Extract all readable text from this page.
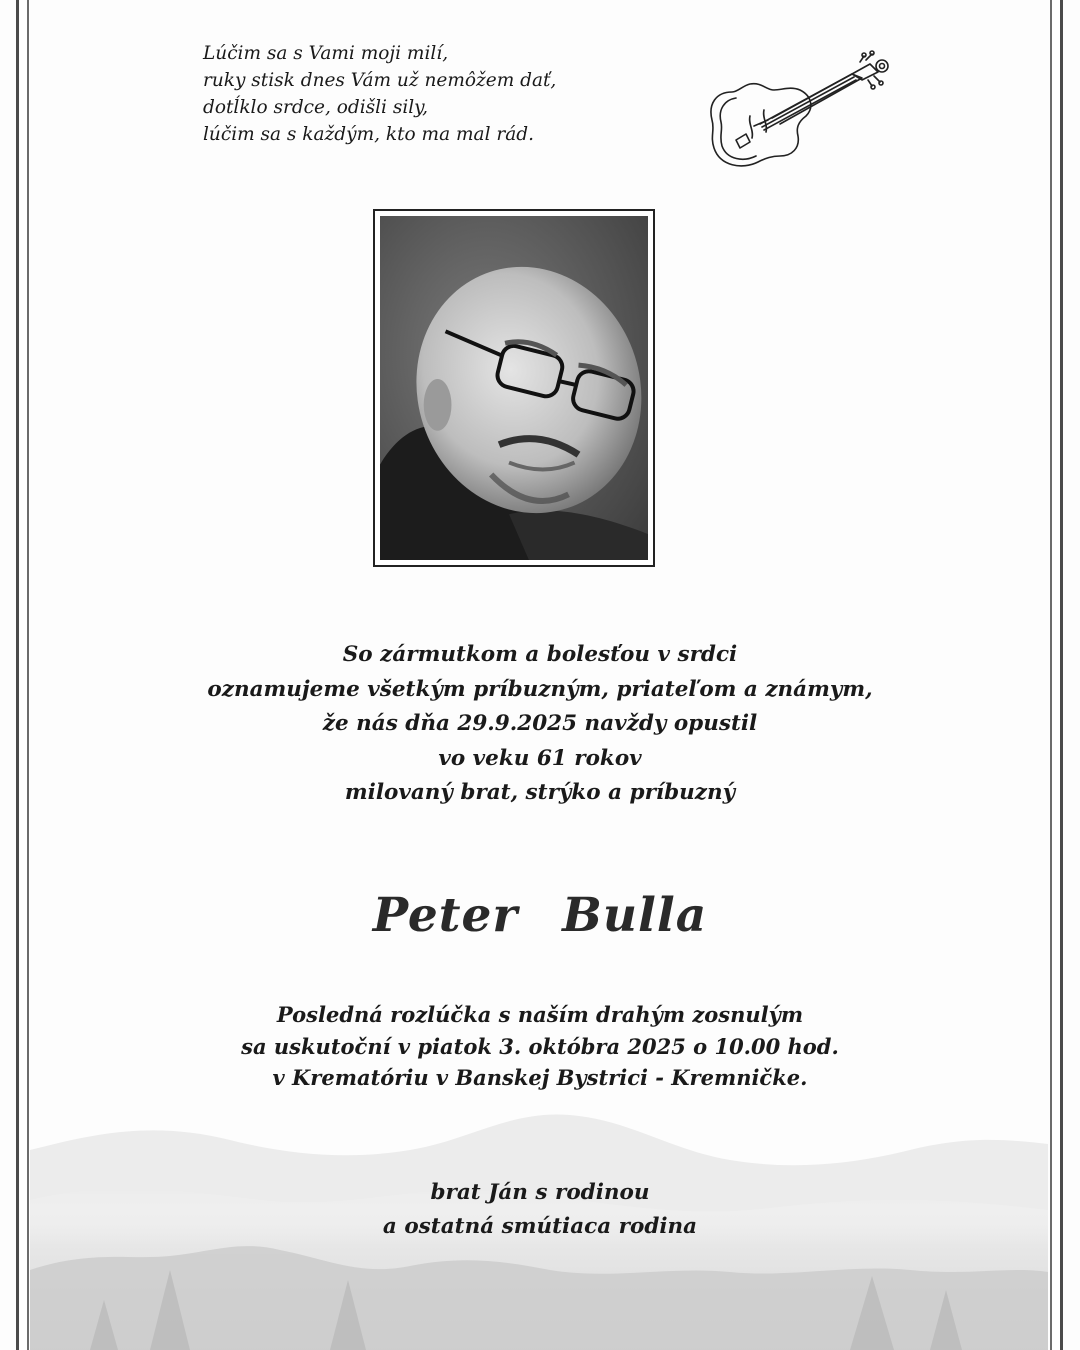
Lúčim sa s Vami moji milí,
ruky stisk dnes Vám už nemôžem dať,
dotĺklo srdce, odišli sily,
lúčim sa s každým, kto ma mal rád.
So zármutkom a bolesťou v srdci
oznamujeme všetkým príbuzným, priateľom a známym,
že nás dňa 29.9.2025 navždy opustil
vo veku 61 rokov
milovaný brat, strýko a príbuzný
Peter Bulla
Posledná rozlúčka s naším drahým zosnulým
sa uskutoční v piatok 3. októbra 2025 o 10.00 hod.
v Krematóriu v Banskej Bystrici - Kremničke.
brat Ján s rodinou
a ostatná smútiaca rodina
